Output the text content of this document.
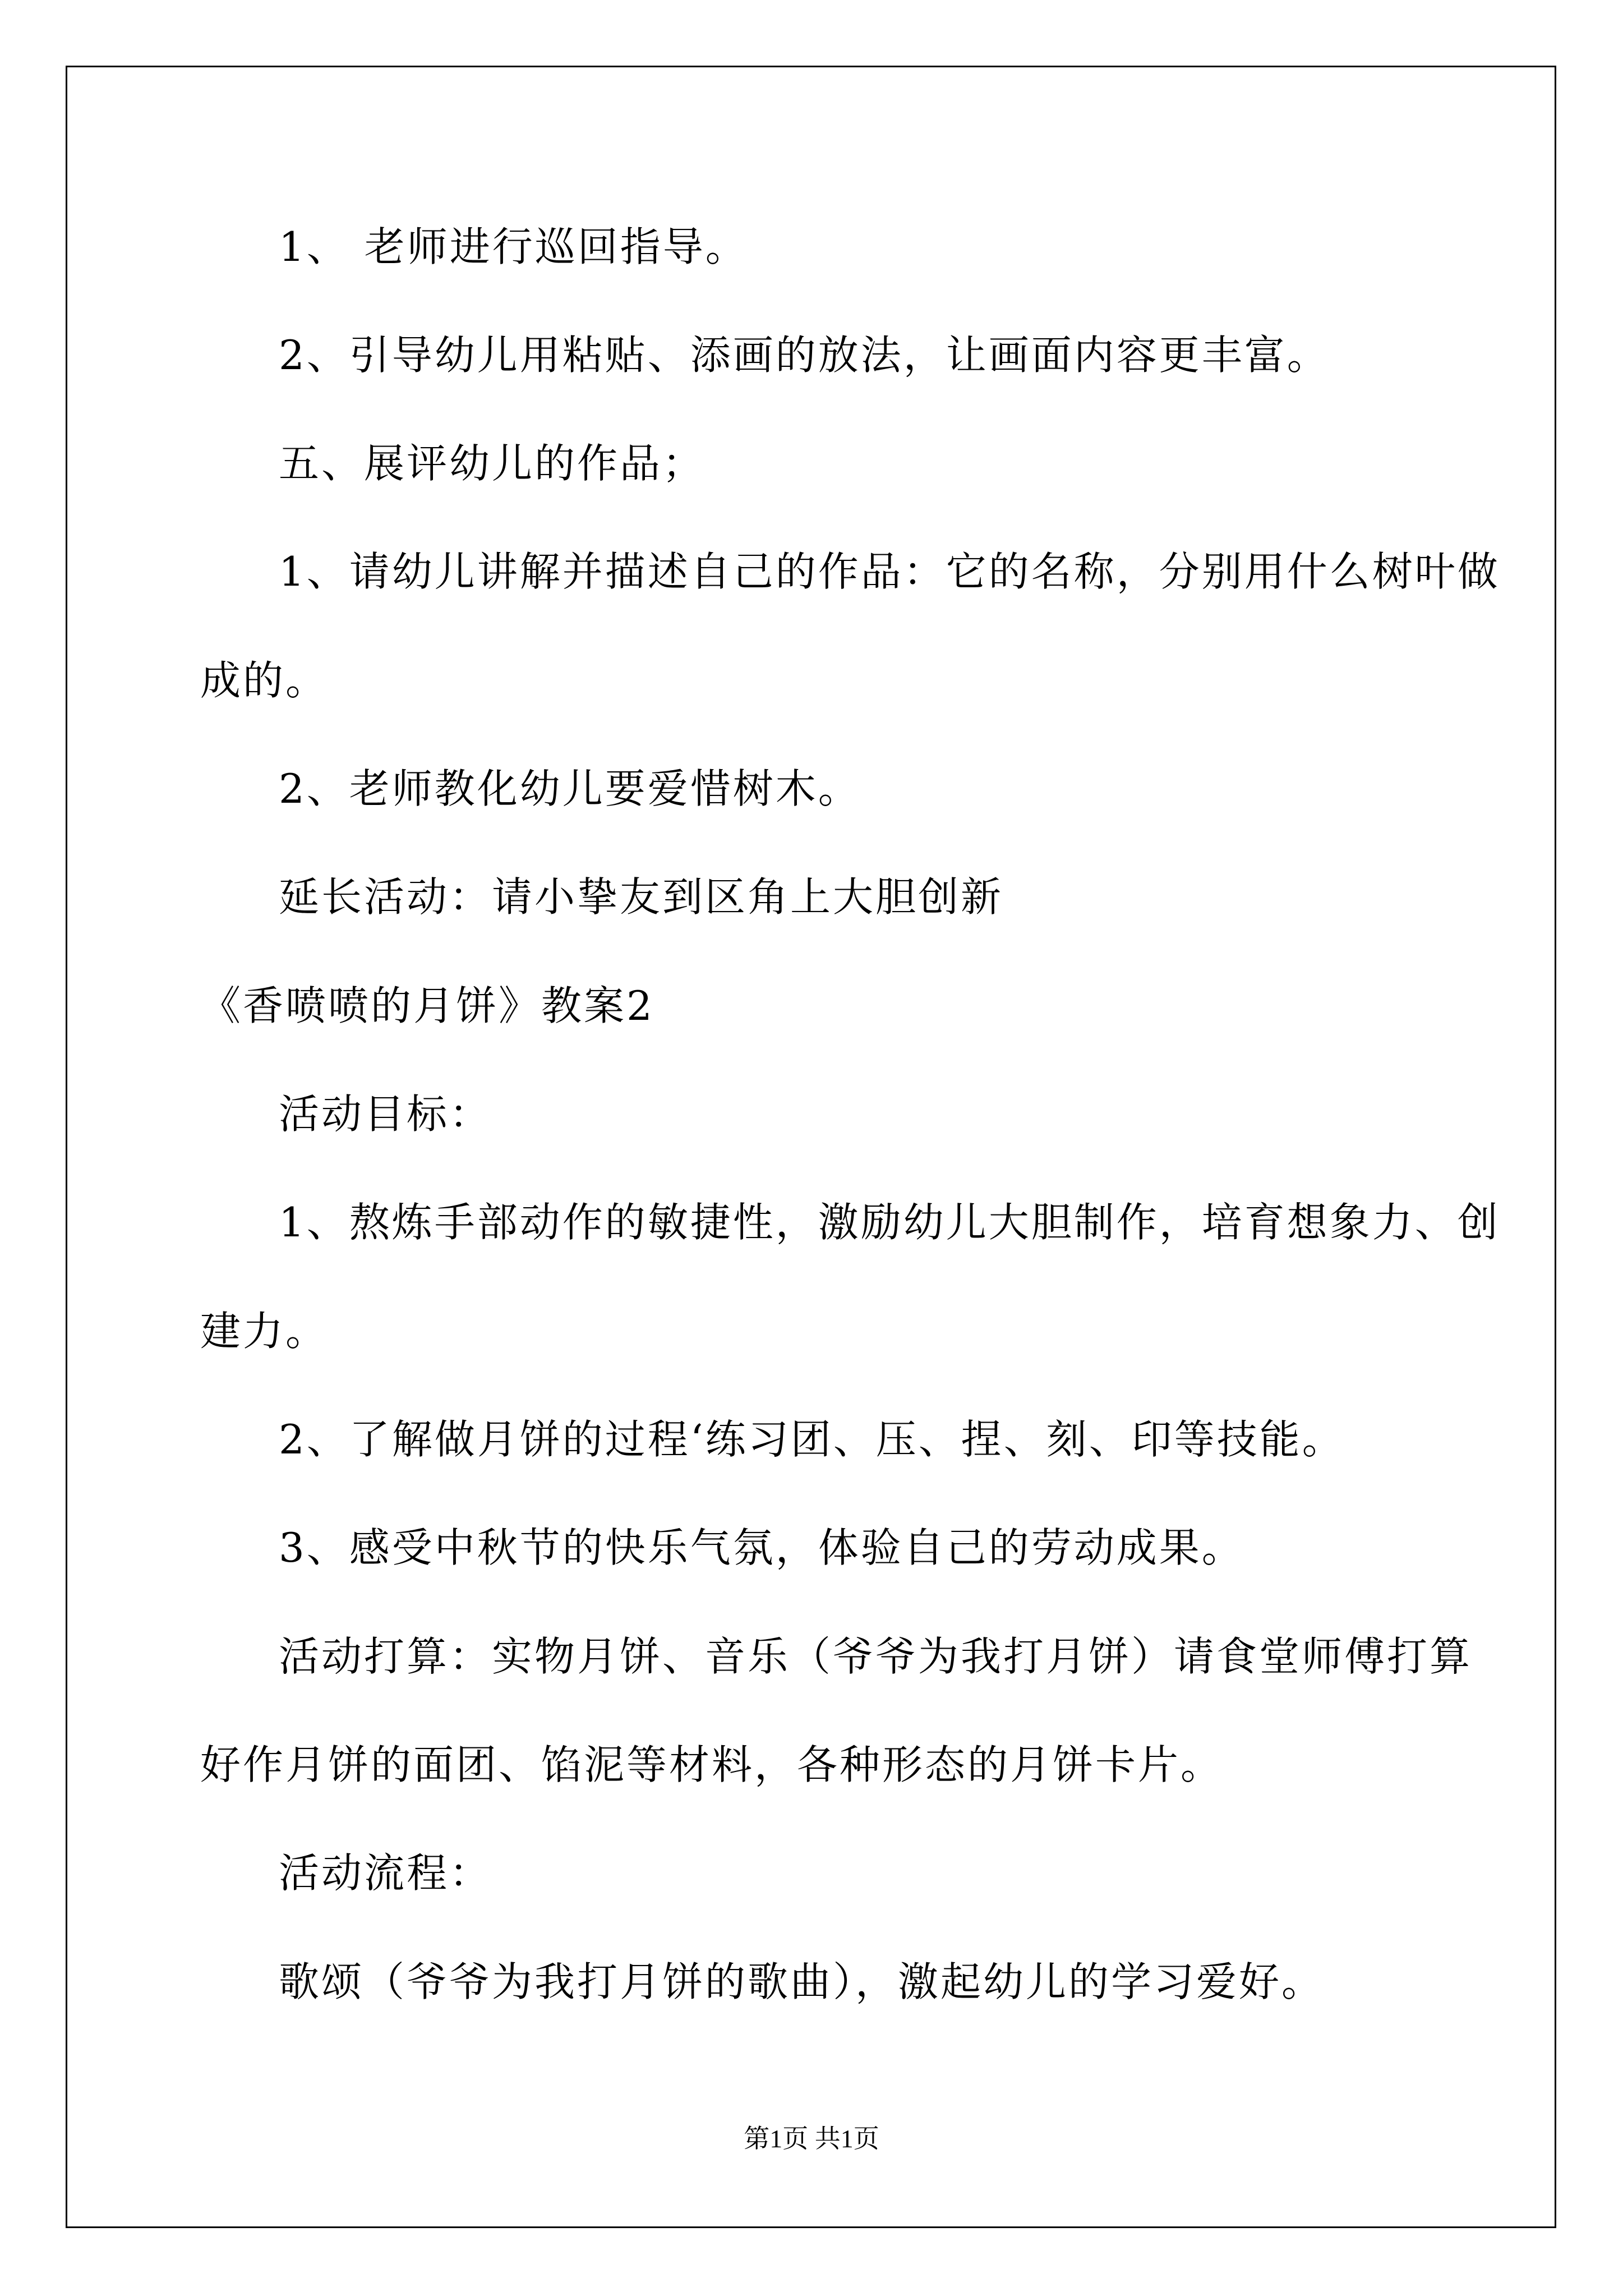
1、 老师进行巡回指导。
2、引导幼儿用粘贴、添画的放法，让画面内容更丰富。
五、展评幼儿的作品；
1、请幼儿讲解并描述自己的作品：它的名称，分别用什么树叶做
成的。
2、老师教化幼儿要爱惜树木。
延长活动：请小挚友到区角上大胆创新
《香喷喷的月饼》教案2
活动目标：
1、熬炼手部动作的敏捷性，激励幼儿大胆制作，培育想象力、创
建力。
2、了解做月饼的过程‘练习团、压、捏、刻、印等技能。
3、感受中秋节的快乐气氛，体验自己的劳动成果。
活动打算：实物月饼、音乐（爷爷为我打月饼）请食堂师傅打算
好作月饼的面团、馅泥等材料，各种形态的月饼卡片。
活动流程：
歌颂（爷爷为我打月饼的歌曲），激起幼儿的学习爱好。
第1页 共1页
